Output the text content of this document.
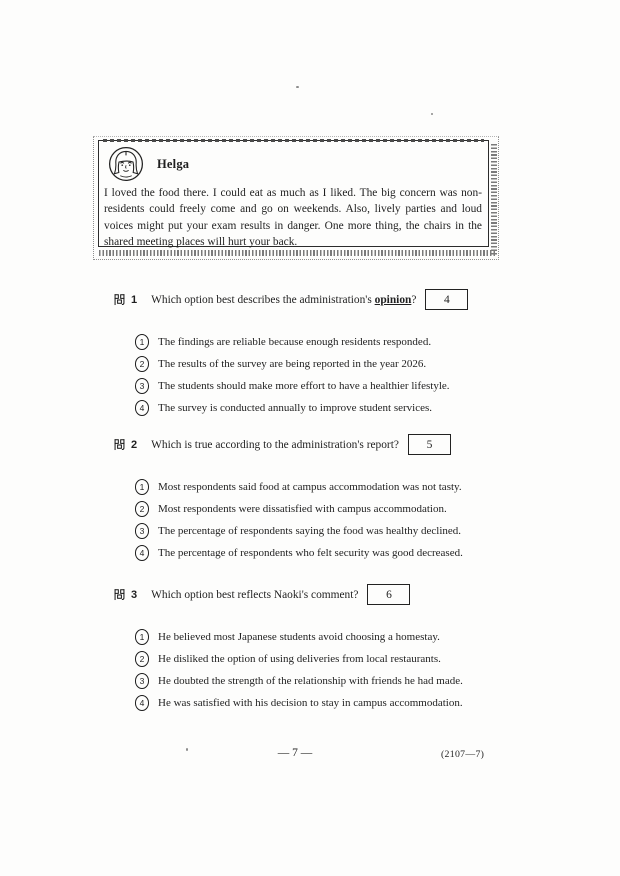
Helga

I loved the food there. I could eat as much as I liked. The big concern was non-residents could freely come and go on weekends. Also, lively parties and loud voices might put your exam results in danger. One more thing, the chairs in the shared meeting places will hurt your back.

1 Which option best describes the administration's opinion?	4
1	The findings are reliable because enough residents responded.
2	The results of the survey are being reported in the year 2026.
3	The students should make more effort to have a healthier lifestyle.
4	The survey is conducted annually to improve student services.
2 Which is true according to the administration's report?	5
1	Most respondents said food at campus accommodation was not tasty.
2	Most respondents were dissatisfied with campus accommodation.
3	The percentage of respondents saying the food was healthy declined.
4	The percentage of respondents who felt security was good decreased.
3 Which option best reflects Naoki's comment?	6
1	He believed most Japanese students avoid choosing a homestay.
2	He disliked the option of using deliveries from local restaurants.
3	He doubted the strength of the relationship with friends he had made.
4	He was satisfied with his decision to stay in campus accommodation.
— 7 —	(2107—7)
